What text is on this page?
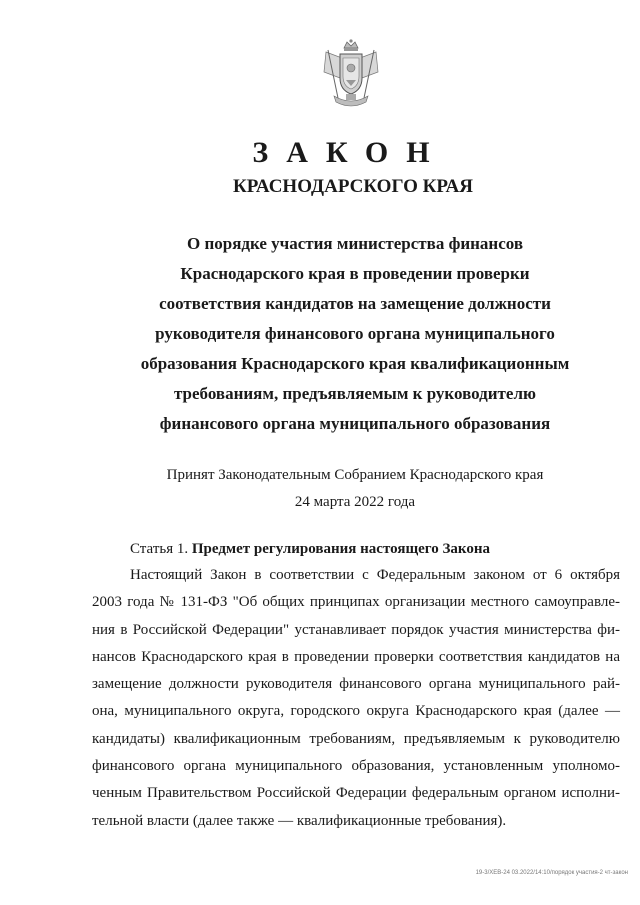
ЗАКОН
КРАСНОДАРСКОГО КРАЯ
О порядке участия министерства финансов
Краснодарского края в проведении проверки
соответствия кандидатов на замещение должности
руководителя финансового органа муниципального
образования Краснодарского края квалификационным
требованиям, предъявляемым к руководителю
финансового органа муниципального образования
Принят Законодательным Собранием Краснодарского края
24 марта 2022 года
Статья 1. Предмет регулирования настоящего Закона
Настоящий Закон в соответствии с Федеральным законом от 6 октября
2003 года № 131-ФЗ "Об общих принципах организации местного самоуправле-
ния в Российской Федерации" устанавливает порядок участия министерства фи-
нансов Краснодарского края в проведении проверки соответствия кандидатов на
замещение должности руководителя финансового органа муниципального рай-
она, муниципального округа, городского округа Краснодарского края (далее —
кандидаты) квалификационным требованиям, предъявляемым к руководителю
финансового органа муниципального образования, установленным уполномо-
ченным Правительством Российской Федерации федеральным органом исполни-
тельной власти (далее также — квалификационные требования).
19-3/ХЕВ-24 03.2022/14:10/порядок участия-2 чт-закон
